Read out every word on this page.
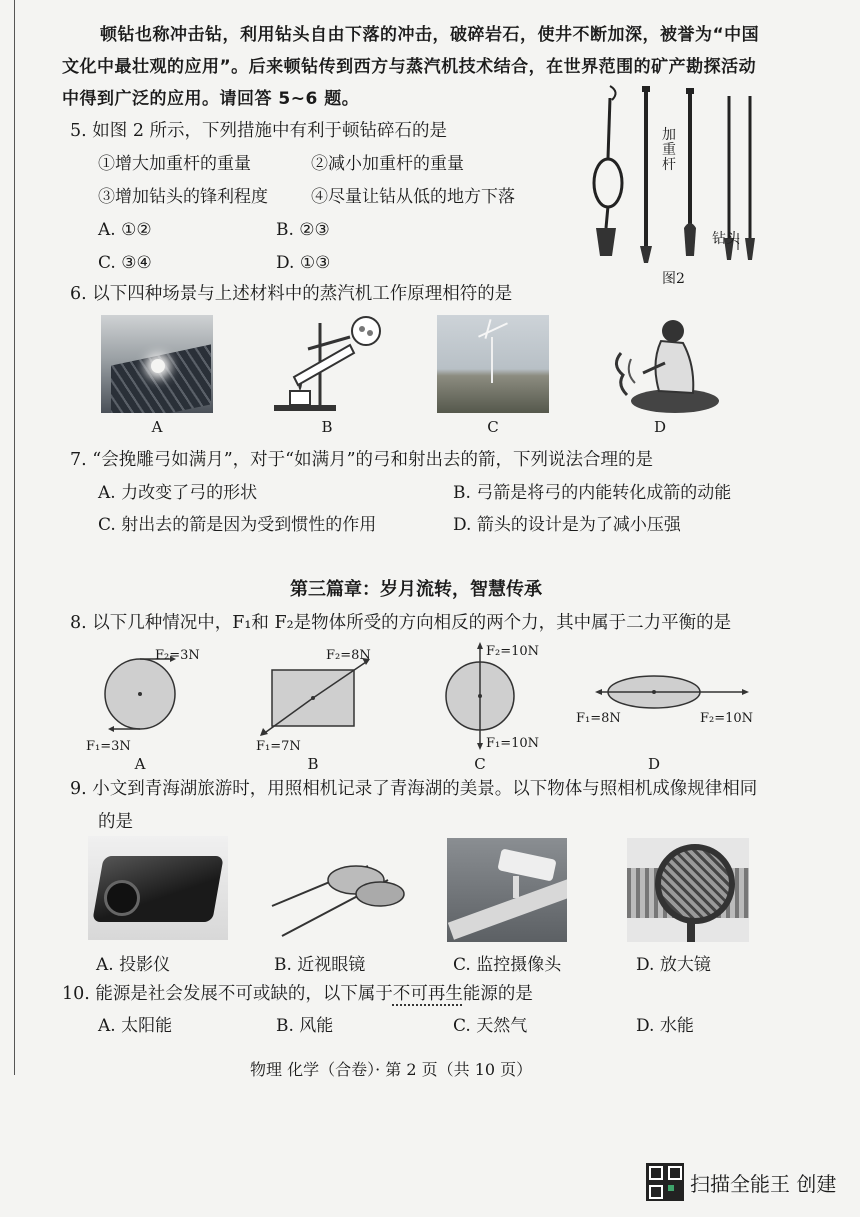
顿钻也称冲击钻，利用钻头自由下落的冲击，破碎岩石，使井不断加深，被誉为“中国
文化中最壮观的应用”。后来顿钻传到西方与蒸汽机技术结合，在世界范围的矿产勘探活动
中得到广泛的应用。请回答 5~6 题。
5. 如图 2 所示，下列措施中有利于顿钻碎石的是
①增大加重杆的重量	②减小加重杆的重量
③增加钻头的锋利程度	④尽量让钻从低的地方下落
A. ①②	B. ②③
C. ③④	D. ①③
加重杆
钻头
图2
6. 以下四种场景与上述材料中的蒸汽机工作原理相符的是
A	B	C	D
7. “会挽雕弓如满月”，对于“如满月”的弓和射出去的箭，下列说法合理的是
A. 力改变了弓的形状	B. 弓箭是将弓的内能转化成箭的动能
C. 射出去的箭是因为受到惯性的作用	D. 箭头的设计是为了减小压强
第三篇章：岁月流转，智慧传承
8. 以下几种情况中，F₁和 F₂是物体所受的方向相反的两个力，其中属于二力平衡的是
F₂=3N
F₁=3N
A
F₂=8N
F₁=7N
B
F₂=10N
F₁=10N
C
F₁=8N	F₂=10N
D
9. 小文到青海湖旅游时，用照相机记录了青海湖的美景。以下物体与照相机成像规律相同
的是
A. 投影仪	B. 近视眼镜	C. 监控摄像头	D. 放大镜
10. 能源是社会发展不可或缺的，以下属于不可再生能源的是
A. 太阳能	B. 风能	C. 天然气	D. 水能
物理 化学（合卷）· 第 2 页（共 10 页）
扫描全能王 创建
